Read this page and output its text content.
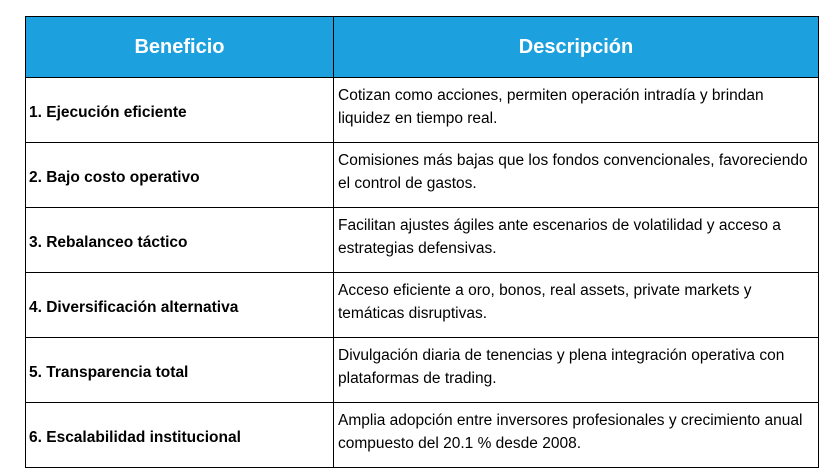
Beneficio	Descripción
1. Ejecución eficiente	Cotizan como acciones, permiten operación intradía y brindan liquidez en tiempo real.
2. Bajo costo operativo	Comisiones más bajas que los fondos convencionales, favoreciendo el control de gastos.
3. Rebalanceo táctico	Facilitan ajustes ágiles ante escenarios de volatilidad y acceso a estrategias defensivas.
4. Diversificación alternativa	Acceso eficiente a oro, bonos, real assets, private markets y temáticas disruptivas.
5. Transparencia total	Divulgación diaria de tenencias y plena integración operativa con plataformas de trading.
6. Escalabilidad institucional	Amplia adopción entre inversores profesionales y crecimiento anual compuesto del 20.1 % desde 2008.
